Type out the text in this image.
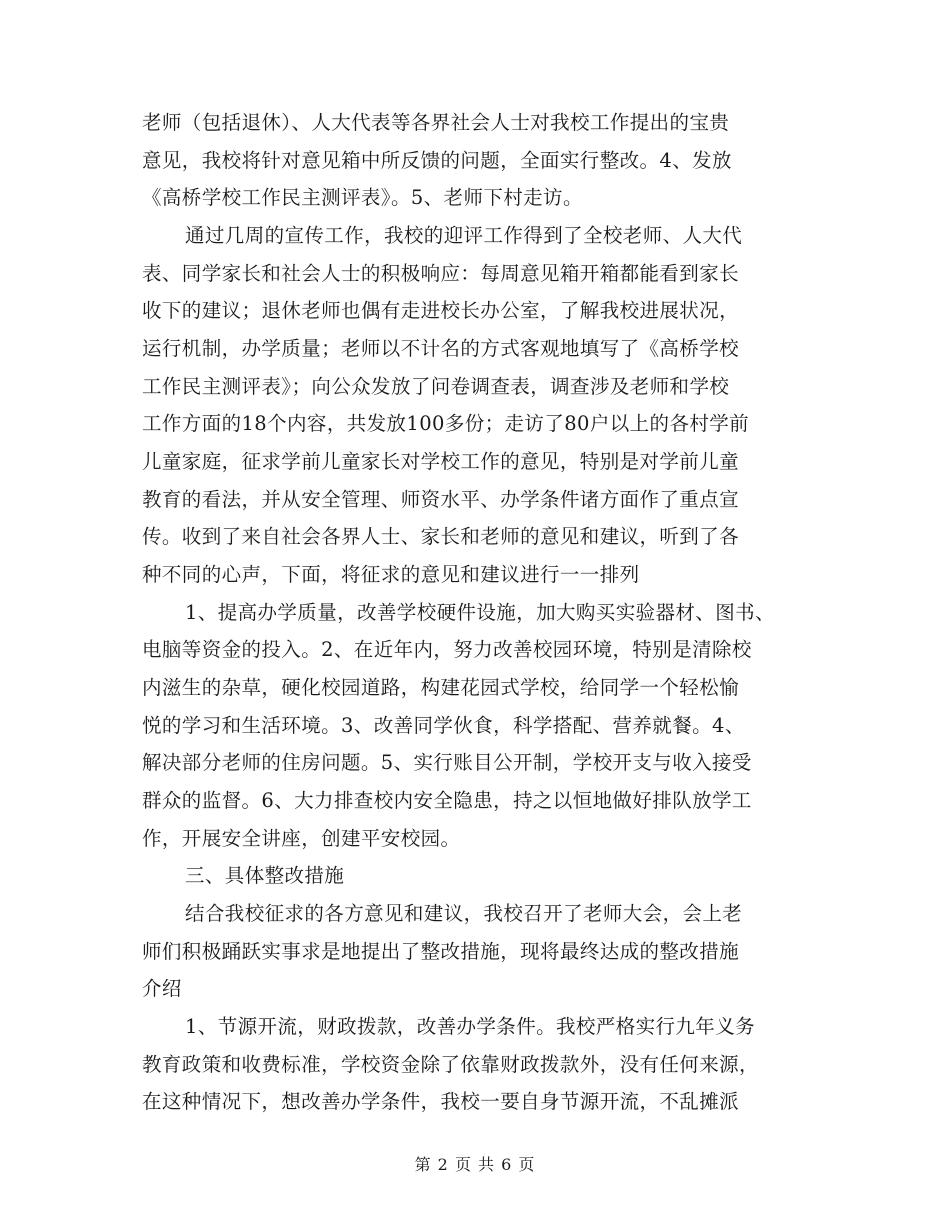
老师（包括退休）、人大代表等各界社会人士对我校工作提出的宝贵
意见，我校将针对意见箱中所反馈的问题，全面实行整改。4、发放
《高桥学校工作民主测评表》。5、老师下村走访。
通过几周的宣传工作，我校的迎评工作得到了全校老师、人大代
表、同学家长和社会人士的积极响应：每周意见箱开箱都能看到家长
收下的建议；退休老师也偶有走进校长办公室，了解我校进展状况，
运行机制，办学质量；老师以不计名的方式客观地填写了《高桥学校
工作民主测评表》；向公众发放了问卷调查表，调查涉及老师和学校
工作方面的18个内容，共发放100多份；走访了80户以上的各村学前
儿童家庭，征求学前儿童家长对学校工作的意见，特别是对学前儿童
教育的看法，并从安全管理、师资水平、办学条件诸方面作了重点宣
传。收到了来自社会各界人士、家长和老师的意见和建议，听到了各
种不同的心声，下面，将征求的意见和建议进行一一排列
1、提高办学质量，改善学校硬件设施，加大购买实验器材、图书、
电脑等资金的投入。2、在近年内，努力改善校园环境，特别是清除校
内滋生的杂草，硬化校园道路，构建花园式学校，给同学一个轻松愉
悦的学习和生活环境。3、改善同学伙食，科学搭配、营养就餐。4、
解决部分老师的住房问题。5、实行账目公开制，学校开支与收入接受
群众的监督。6、大力排查校内安全隐患，持之以恒地做好排队放学工
作，开展安全讲座，创建平安校园。
三、具体整改措施
结合我校征求的各方意见和建议，我校召开了老师大会，会上老
师们积极踊跃实事求是地提出了整改措施，现将最终达成的整改措施
介绍
1、节源开流，财政拨款，改善办学条件。我校严格实行九年义务
教育政策和收费标准，学校资金除了依靠财政拨款外，没有任何来源，
在这种情况下，想改善办学条件，我校一要自身节源开流，不乱摊派
第 2 页 共 6 页
